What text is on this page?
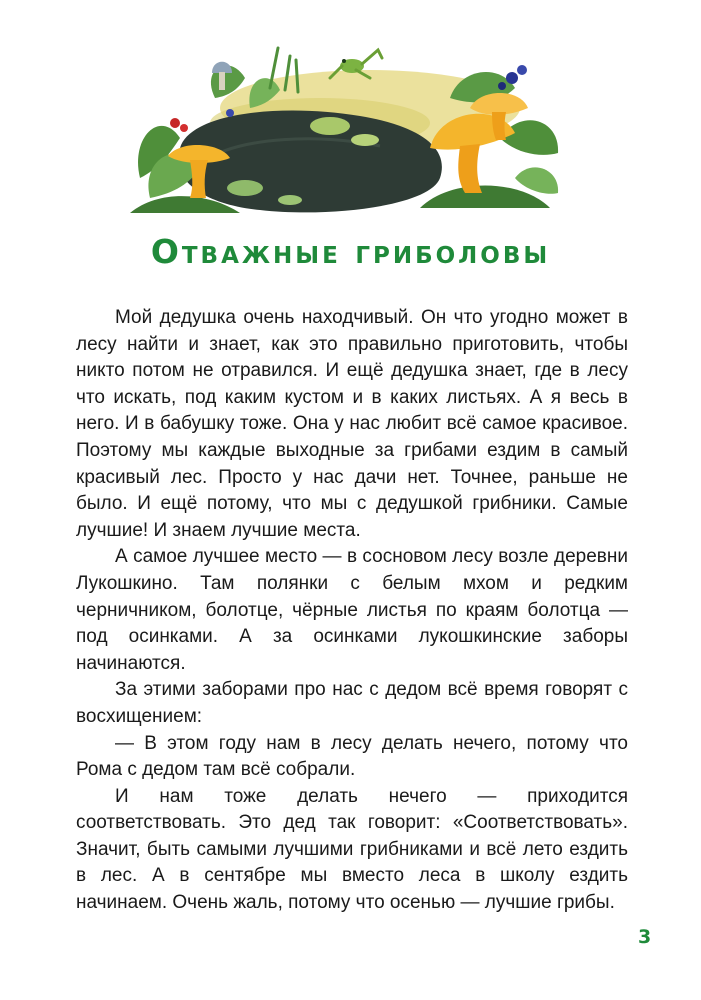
Отважные гриболовы

Мой дедушка очень находчивый. Он что угодно может в лесу найти и знает, как это правильно приготовить, чтобы никто потом не отравился. И ещё дедушка знает, где в лесу что искать, под каким кустом и в каких листьях. А я весь в него. И в бабушку тоже. Она у нас любит всё самое красивое. Поэтому мы каждые выходные за грибами ездим в самый красивый лес. Просто у нас дачи нет. Точнее, раньше не было. И ещё потому, что мы с дедушкой грибники. Самые лучшие! И знаем лучшие места.

А самое лучшее место — в сосновом лесу возле деревни Лукошкино. Там полянки с белым мхом и редким черничником, болотце, чёрные листья по краям болотца — под осинками. А за осинками лукошкинские заборы начинаются.

За этими заборами про нас с дедом всё время говорят с восхищением:

— В этом году нам в лесу делать нечего, потому что Рома с дедом там всё собрали.

И нам тоже делать нечего — приходится соответствовать. Это дед так говорит: «Соответствовать». Значит, быть самыми лучшими грибниками и всё лето ездить в лес. А в сентябре мы вместо леса в школу ездить начинаем. Очень жаль, потому что осенью — лучшие грибы.

3
